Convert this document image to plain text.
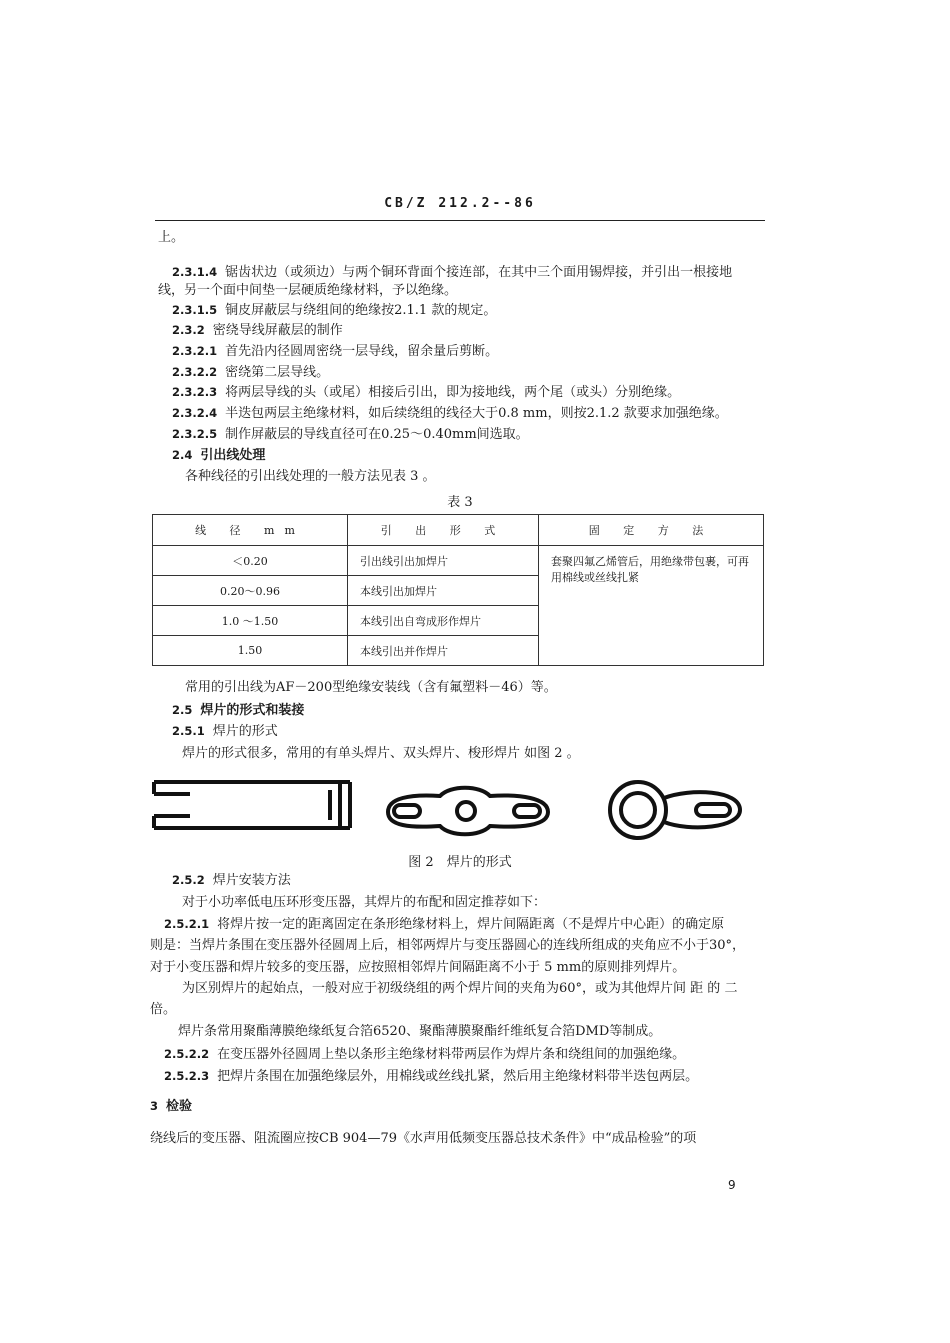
CB/Z 212.2--86
上。
2.3.1.4 锯齿状边（或须边）与两个铜环背面个接连部，在其中三个面用锡焊接，并引出一根接地
线，另一个面中间垫一层硬质绝缘材料，予以绝缘。
2.3.1.5 铜皮屏蔽层与绕组间的绝缘按2.1.1 款的规定。
2.3.2 密绕导线屏蔽层的制作
2.3.2.1 首先沿内径圆周密绕一层导线，留余量后剪断。
2.3.2.2 密绕第二层导线。
2.3.2.3 将两层导线的头（或尾）相接后引出，即为接地线，两个尾（或头）分别绝缘。
2.3.2.4 半迭包两层主绝缘材料，如后续绕组的线径大于0.8 mm，则按2.1.2 款要求加强绝缘。
2.3.2.5 制作屏蔽层的导线直径可在0.25～0.40mm间选取。
2.4 引出线处理
各种线径的引出线处理的一般方法见表 3 。
表 3
线 径 mm	引 出 形 式	固 定 方 法
＜0.20	引出线引出加焊片	套聚四氟乙烯管后，用绝缘带包裹，可再用棉线或丝线扎紧
0.20～0.96	本线引出加焊片	
1.0 ～1.50	本线引出自弯成形作焊片	
1.50	本线引出并作焊片	
常用的引出线为AF－200型绝缘安装线（含有氟塑料－46）等。
2.5 焊片的形式和装接
2.5.1 焊片的形式
焊片的形式很多，常用的有单头焊片、双头焊片、梭形焊片 如图 2 。
图 2　焊片的形式
2.5.2 焊片安装方法
对于小功率低电压环形变压器，其焊片的布配和固定推荐如下：
2.5.2.1 将焊片按一定的距离固定在条形绝缘材料上，焊片间隔距离（不是焊片中心距）的确定原
则是：当焊片条围在变压器外径圆周上后，相邻两焊片与变压器圆心的连线所组成的夹角应不小于30°，
对于小变压器和焊片较多的变压器，应按照相邻焊片间隔距离不小于 5 mm的原则排列焊片。
为区别焊片的起始点，一般对应于初级绕组的两个焊片间的夹角为60°，或为其他焊片间 距 的 二
倍。
焊片条常用聚酯薄膜绝缘纸复合箔6520、聚酯薄膜聚酯纤维纸复合箔DMD等制成。
2.5.2.2 在变压器外径圆周上垫以条形主绝缘材料带两层作为焊片条和绕组间的加强绝缘。
2.5.2.3 把焊片条围在加强绝缘层外，用棉线或丝线扎紧，然后用主绝缘材料带半迭包两层。
3 检验
绕线后的变压器、阻流圈应按CB 904—79《水声用低频变压器总技术条件》中“成品检验”的项
9
